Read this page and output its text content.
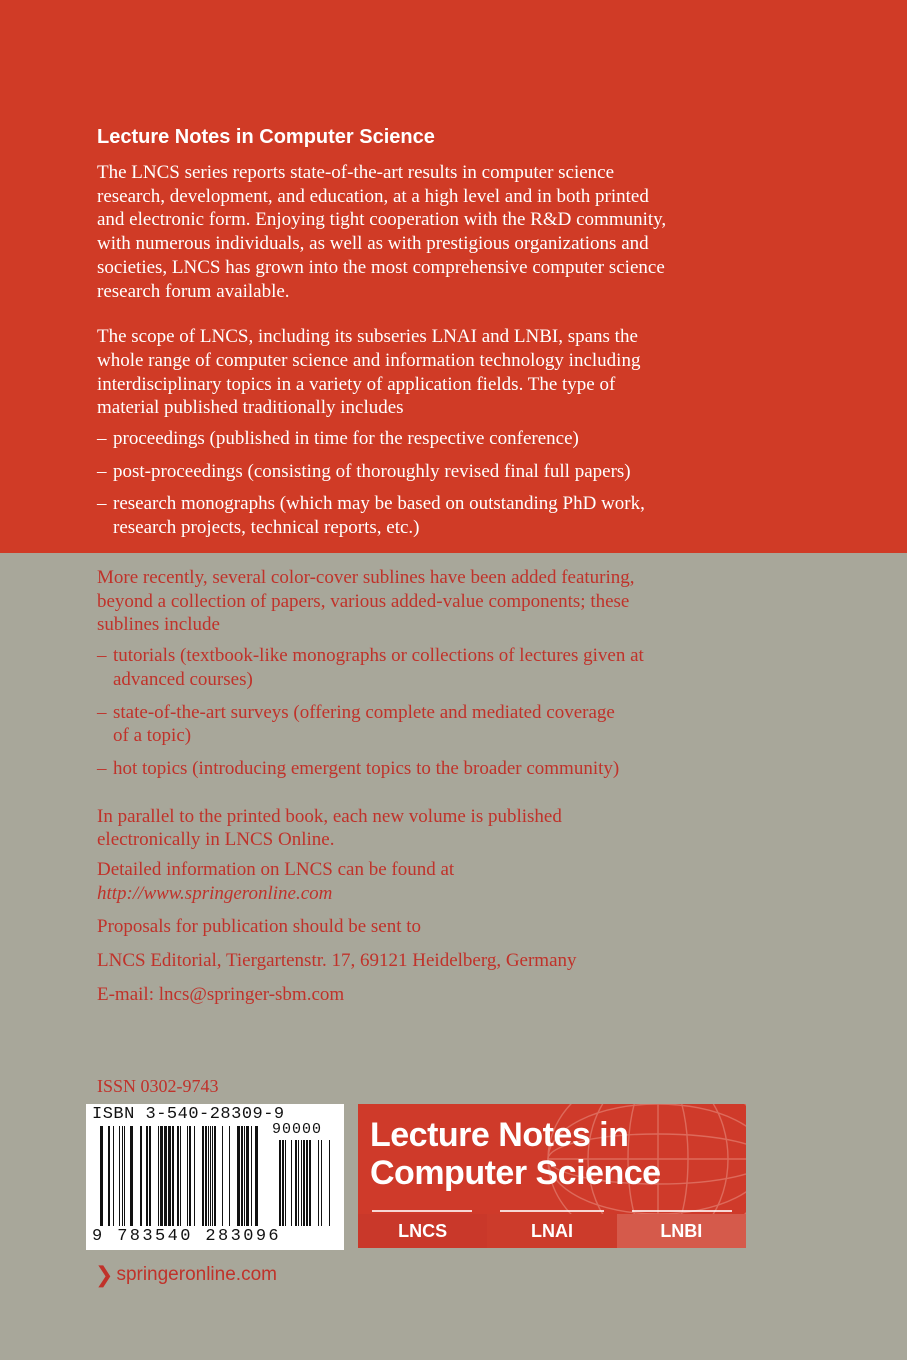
Lecture Notes in Computer Science
The LNCS series reports state-of-the-art results in computer science
research, development, and education, at a high level and in both printed
and electronic form. Enjoying tight cooperation with the R&D community,
with numerous individuals, as well as with prestigious organizations and
societies, LNCS has grown into the most comprehensive computer science
research forum available.
The scope of LNCS, including its subseries LNAI and LNBI, spans the
whole range of computer science and information technology including
interdisciplinary topics in a variety of application fields. The type of
material published traditionally includes
– proceedings (published in time for the respective conference)
– post-proceedings (consisting of thoroughly revised final full papers)
– research monographs (which may be based on outstanding PhD work,
research projects, technical reports, etc.)
More recently, several color-cover sublines have been added featuring,
beyond a collection of papers, various added-value components; these
sublines include
– tutorials (textbook-like monographs or collections of lectures given at
advanced courses)
– state-of-the-art surveys (offering complete and mediated coverage
of a topic)
– hot topics (introducing emergent topics to the broader community)
In parallel to the printed book, each new volume is published
electronically in LNCS Online.
Detailed information on LNCS can be found at
http://www.springeronline.com
Proposals for publication should be sent to
LNCS Editorial, Tiergartenstr. 17, 69121 Heidelberg, Germany
E-mail: lncs@springer-sbm.com
ISSN 0302-9743
ISBN 3-540-28309-9
90000
9 783540 283096
Lecture Notes in
Computer Science
LNCS	LNAI	LNBI
❯ springeronline.com
